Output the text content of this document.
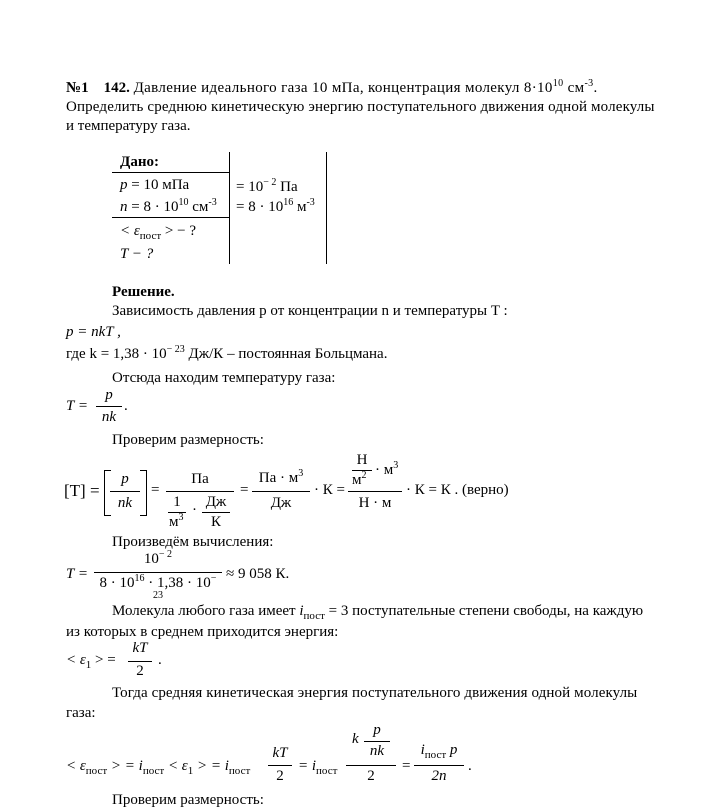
№1 142. Давление идеального газа 10 мПа, концентрация молекул $8\cdot 10^{10}$ $см^{-3}$.
Определить среднюю кинетическую энергию поступательного движения одной молекулы
и температуру газа.
Дано:
p = 10 мПа
$n = 8 \cdot 10^{10}$ $см^{-3}$
= $10^{- 2}$ Па
= $8 \cdot 10^{16}$ $м^{-3}$
< $\varepsilon_{пост}$ > − ?
T − ?
Решение.
Зависимость давления p от концентрации n и температуры T :
p = nkT ,
где $k = 1,38 \cdot 10^{- 23}$ Дж/К – постоянная Больцмана.
Отсюда находим температуру газа:
T =
p
nk
.
Проверим размерность:
[T] =
p
nk
=
Па
1
$м^3$ · Дж
К
=
Па · $м^3$
Дж
· К =
Н
$м^2 \cdot м^3$
Н · м
· К = К . (верно)
Произведём вычисления:
T =
$10^{- 2}$
$8 \cdot 10^{16} \cdot 1,38 \cdot 10^{- 23}$
≈ 9 058 К.
Молекула любого газа имеет $i_{пост} = 3$ поступательные степени свободы, на каждую
из которых в среднем приходится энергия:
< $\varepsilon_1$ > =
kT
2
.
Тогда средняя кинетическая энергия поступательного движения одной молекулы
газа:
< $\varepsilon_{пост}$ > = $i_{пост} < \varepsilon_1$ > = $i_{пост}$
kT
2
= $i_{пост}$
k
p
nk
2
=
$i_{пост}$ p
2n
.
Проверим размерность:
